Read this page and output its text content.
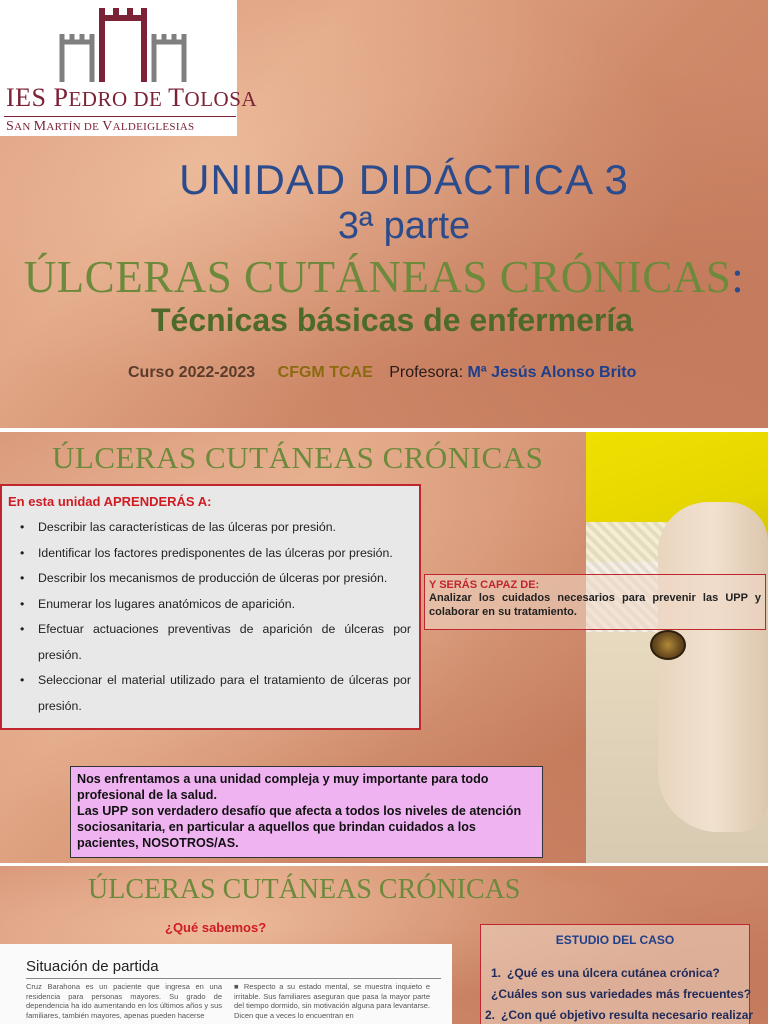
IES PEDRO DE TOLOSA
SAN MARTÍN DE VALDEIGLESIAS
UNIDAD DIDÁCTICA 3
3ª parte
ÚLCERAS CUTÁNEAS CRÓNICAS:
Técnicas básicas de enfermería
Curso 2022-2023 CFGM TCAE Profesora: Mª Jesús Alonso Brito
ÚLCERAS CUTÁNEAS CRÓNICAS
En esta unidad APRENDERÁS A:
• Describir las características de las úlceras por presión.
• Identificar los factores predisponentes de las úlceras por presión.
• Describir los mecanismos de producción de úlceras por presión.
• Enumerar los lugares anatómicos de aparición.
• Efectuar actuaciones preventivas de aparición de úlceras por presión.
• Seleccionar el material utilizado para el tratamiento de úlceras por presión.
Y SERÁS CAPAZ DE:
Analizar los cuidados necesarios para prevenir las UPP y colaborar en su tratamiento.

Nos enfrentamos a una unidad compleja y muy importante para todo profesional de la salud.

Las UPP son verdadero desafío que afecta a todos los niveles de atención sociosanitaria, en particular a aquellos que brindan cuidados a los pacientes, NOSOTROS/AS.

ÚLCERAS CUTÁNEAS CRÓNICAS
¿Qué sabemos?
Situación de partida
Cruz Barahona es un paciente que ingresa en una residencia para personas mayores. Su grado de dependencia ha ido aumentando en los últimos años y sus familiares, también mayores, apenas pueden hacerse
■ Respecto a su estado mental, se muestra inquieto e irritable. Sus familiares aseguran que pasa la mayor parte del tiempo dormido, sin motivación alguna para levantarse. Dicen que a veces lo encuentran en
ESTUDIO DEL CASO
1. ¿Qué es una úlcera cutánea crónica?
¿Cuáles son sus variedades más frecuentes?
2. ¿Con qué objetivo resulta necesario realizar
